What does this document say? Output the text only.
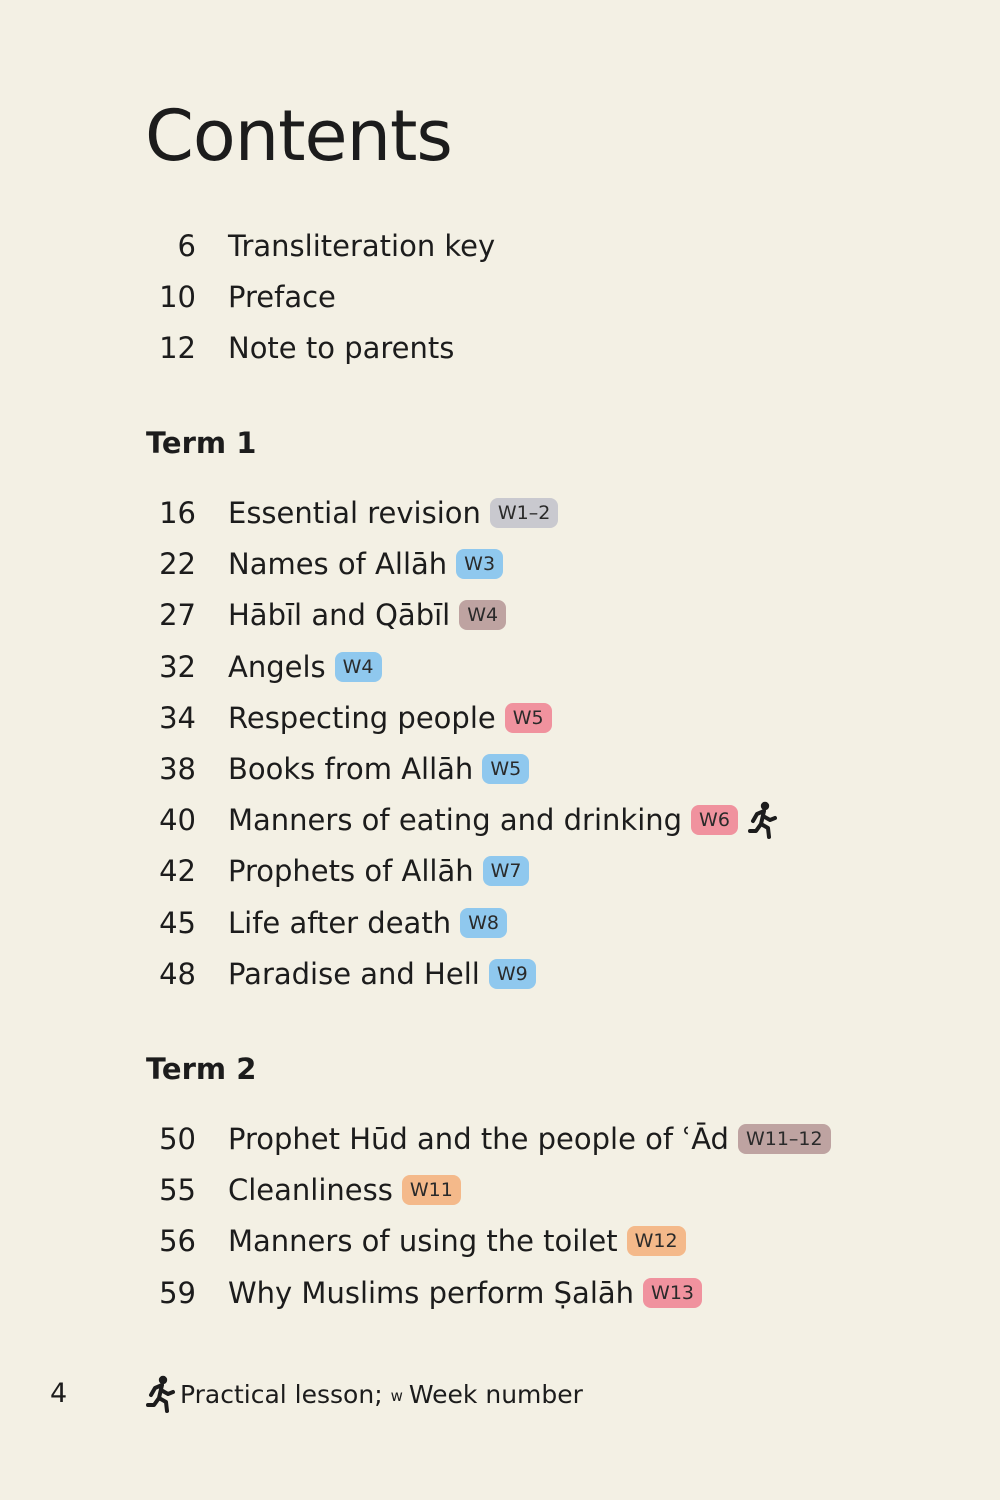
Contents
6 Transliteration key
10 Preface
12 Note to parents
Term 1
16 Essential revision W1–2
22 Names of Allāh W3
27 Hābīl and Qābīl W4
32 Angels W4
34 Respecting people W5
38 Books from Allāh W5
40 Manners of eating and drinking W6
42 Prophets of Allāh W7
45 Life after death W8
48 Paradise and Hell W9
Term 2
50 Prophet Hūd and the people of ʿĀd W11–12
55 Cleanliness W11
56 Manners of using the toilet W12
59 Why Muslims perform Ṣalāh W13
4	Practical lesson; w Week number
